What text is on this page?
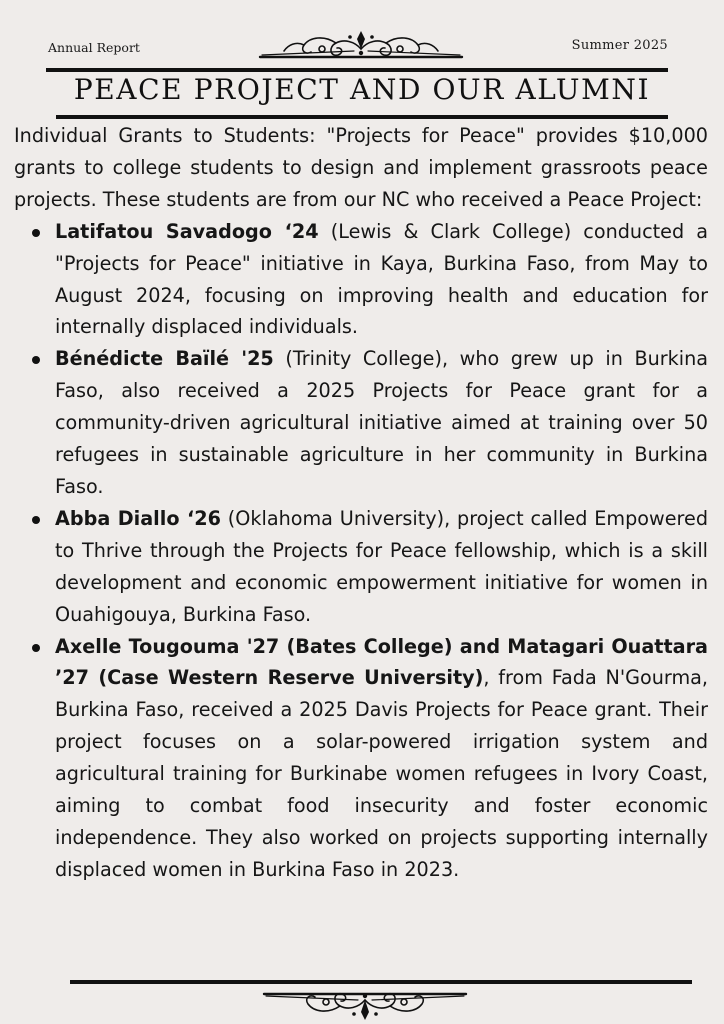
Annual Report	Summer 2025
PEACE PROJECT AND OUR ALUMNI

Individual Grants to Students: "Projects for Peace" provides $10,000 grants to college students to design and implement grassroots peace projects. These students are from our NC who received a Peace Project:

Latifatou Savadogo ‘24 (Lewis & Clark College) conducted a "Projects for Peace" initiative in Kaya, Burkina Faso, from May to August 2024, focusing on improving health and education for internally displaced individuals.
Bénédicte Baïlé '25 (Trinity College), who grew up in Burkina Faso, also received a 2025 Projects for Peace grant for a community-driven agricultural initiative aimed at training over 50 refugees in sustainable agriculture in her community in Burkina Faso.
Abba Diallo ‘26 (Oklahoma University), project called Empowered to Thrive through the Projects for Peace fellowship, which is a skill development and economic empowerment initiative for women in Ouahigouya, Burkina Faso.
Axelle Tougouma '27 (Bates College) and Matagari Ouattara ’27 (Case Western Reserve University), from Fada N'Gourma, Burkina Faso, received a 2025 Davis Projects for Peace grant. Their project focuses on a solar-powered irrigation system and agricultural training for Burkinabe women refugees in Ivory Coast, aiming to combat food insecurity and foster economic independence. They also worked on projects supporting internally displaced women in Burkina Faso in 2023.
